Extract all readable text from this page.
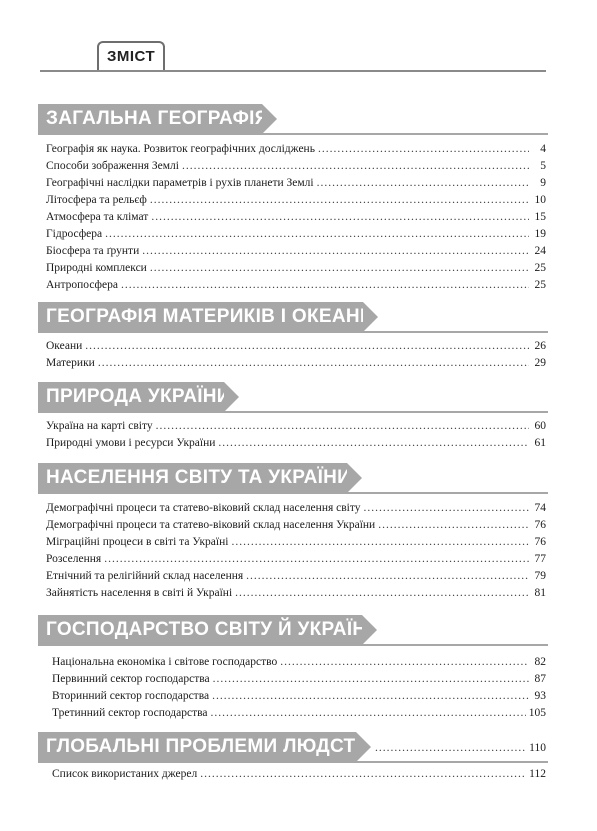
ЗМІСТ
ЗАГАЛЬНА ГЕОГРАФІЯ
Географія як наука. Розвиток географічних досліджень .....	4
Способи зображення Землі .....	5
Географічні наслідки параметрів і рухів планети Землі .....	9
Літосфера та рельєф .....	10
Атмосфера та клімат .....	15
Гідросфера .....	19
Біосфера та ґрунти .....	24
Природні комплекси .....	25
Антропосфера .....	25
ГЕОГРАФІЯ МАТЕРИКІВ І ОКЕАНІВ
Океани .....	26
Материки .....	29
ПРИРОДА УКРАЇНИ
Україна на карті світу .....	60
Природні умови і ресурси України .....	61
НАСЕЛЕННЯ СВІТУ ТА УКРАЇНИ
Демографічні процеси та статево-віковий склад населення світу .....	74
Демографічні процеси та статево-віковий склад населення України .....	76
Міграційні процеси в світі та Україні .....	76
Розселення .....	77
Етнічний та релігійний склад населення .....	79
Зайнятість населення в світі й Україні .....	81
ГОСПОДАРСТВО СВІТУ Й УКРАЇНИ
Національна економіка і світове господарство .....	82
Первинний сектор господарства .....	87
Вторинний сектор господарства .....	93
Третинний сектор господарства .....	105
ГЛОБАЛЬНІ ПРОБЛЕМИ ЛЮДСТВА .....	110
Список використаних джерел .....	112
